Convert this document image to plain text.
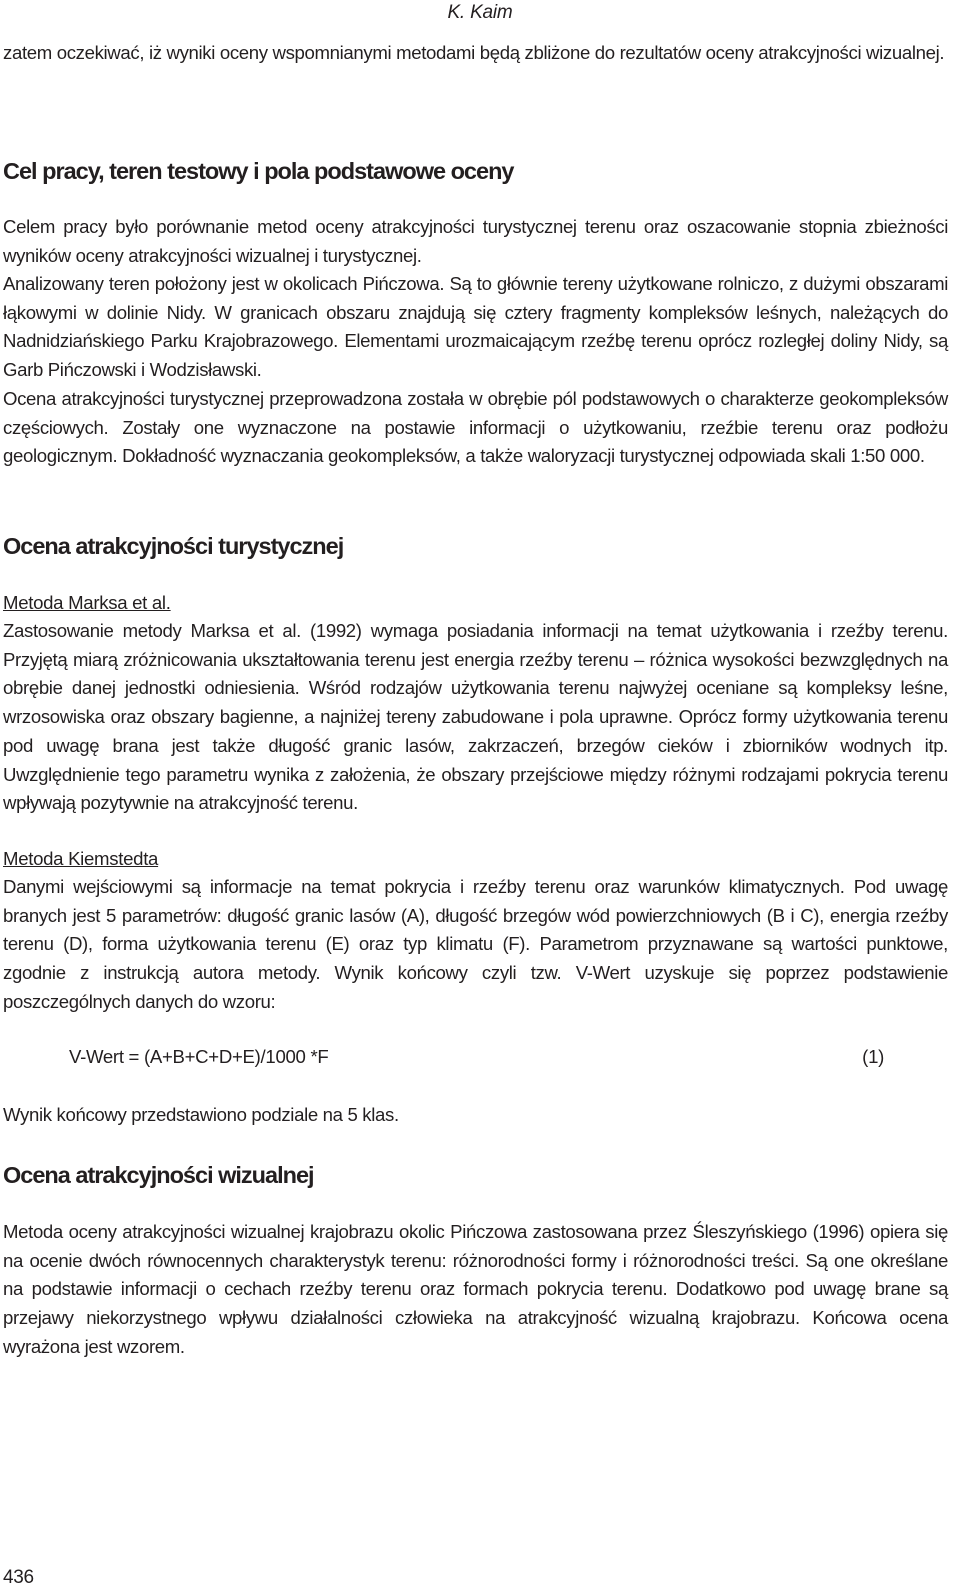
K. Kaim

zatem oczekiwać, iż wyniki oceny wspomnianymi metodami będą zbliżone do rezultatów oceny atrakcyjności wizualnej.

Cel pracy, teren testowy i pola podstawowe oceny

Celem pracy było porównanie metod oceny atrakcyjności turystycznej terenu oraz oszacowanie stopnia zbieżności wyników oceny atrakcyjności wizualnej i turystycznej.

Analizowany teren położony jest w okolicach Pińczowa. Są to głównie tereny użytkowane rolniczo, z dużymi obszarami łąkowymi w dolinie Nidy. W granicach obszaru znajdują się cztery fragmenty kompleksów leśnych, należących do Nadnidziańskiego Parku Krajobrazowego. Elementami urozmaicającym rzeźbę terenu oprócz rozległej doliny Nidy, są Garb Pińczowski i Wodzisławski.

Ocena atrakcyjności turystycznej przeprowadzona została w obrębie pól podstawowych o charakterze geokompleksów częściowych. Zostały one wyznaczone na postawie informacji o użytkowaniu, rzeźbie terenu oraz podłożu geologicznym. Dokładność wyznaczania geokompleksów, a także waloryzacji turystycznej odpowiada skali 1:50 000.

Ocena atrakcyjności turystycznej
Metoda Marksa et al.

Zastosowanie metody Marksa et al. (1992) wymaga posiadania informacji na temat użytkowania i rzeźby terenu. Przyjętą miarą zróżnicowania ukształtowania terenu jest energia rzeźby terenu – różnica wysokości bezwzględnych na obrębie danej jednostki odniesienia. Wśród rodzajów użytkowania terenu najwyżej oceniane są kompleksy leśne, wrzosowiska oraz obszary bagienne, a najniżej tereny zabudowane i pola uprawne. Oprócz formy użytkowania terenu pod uwagę brana jest także długość granic lasów, zakrzaczeń, brzegów cieków i zbiorników wodnych itp. Uwzględnienie tego parametru wynika z założenia, że obszary przejściowe między różnymi rodzajami pokrycia terenu wpływają pozytywnie na atrakcyjność terenu.

Metoda Kiemstedta

Danymi wejściowymi są informacje na temat pokrycia i rzeźby terenu oraz warunków klimatycznych. Pod uwagę branych jest 5 parametrów: długość granic lasów (A), długość brzegów wód powierzchniowych (B i C), energia rzeźby terenu (D), forma użytkowania terenu (E) oraz typ klimatu (F). Parametrom przyznawane są wartości punktowe, zgodnie z instrukcją autora metody. Wynik końcowy czyli tzw. V-Wert uzyskuje się poprzez podstawienie poszczególnych danych do wzoru:

V-Wert = (A+B+C+D+E)/1000 *F	(1)

Wynik końcowy przedstawiono podziale na 5 klas.

Ocena atrakcyjności wizualnej

Metoda oceny atrakcyjności wizualnej krajobrazu okolic Pińczowa zastosowana przez Śleszyńskiego (1996) opiera się na ocenie dwóch równocennych charakterystyk terenu: różnorodności formy i różnorodności treści. Są one określane na podstawie informacji o cechach rzeźby terenu oraz formach pokrycia terenu. Dodatkowo pod uwagę brane są przejawy niekorzystnego wpływu działalności człowieka na atrakcyjność wizualną krajobrazu. Końcowa ocena wyrażona jest wzorem.

436
